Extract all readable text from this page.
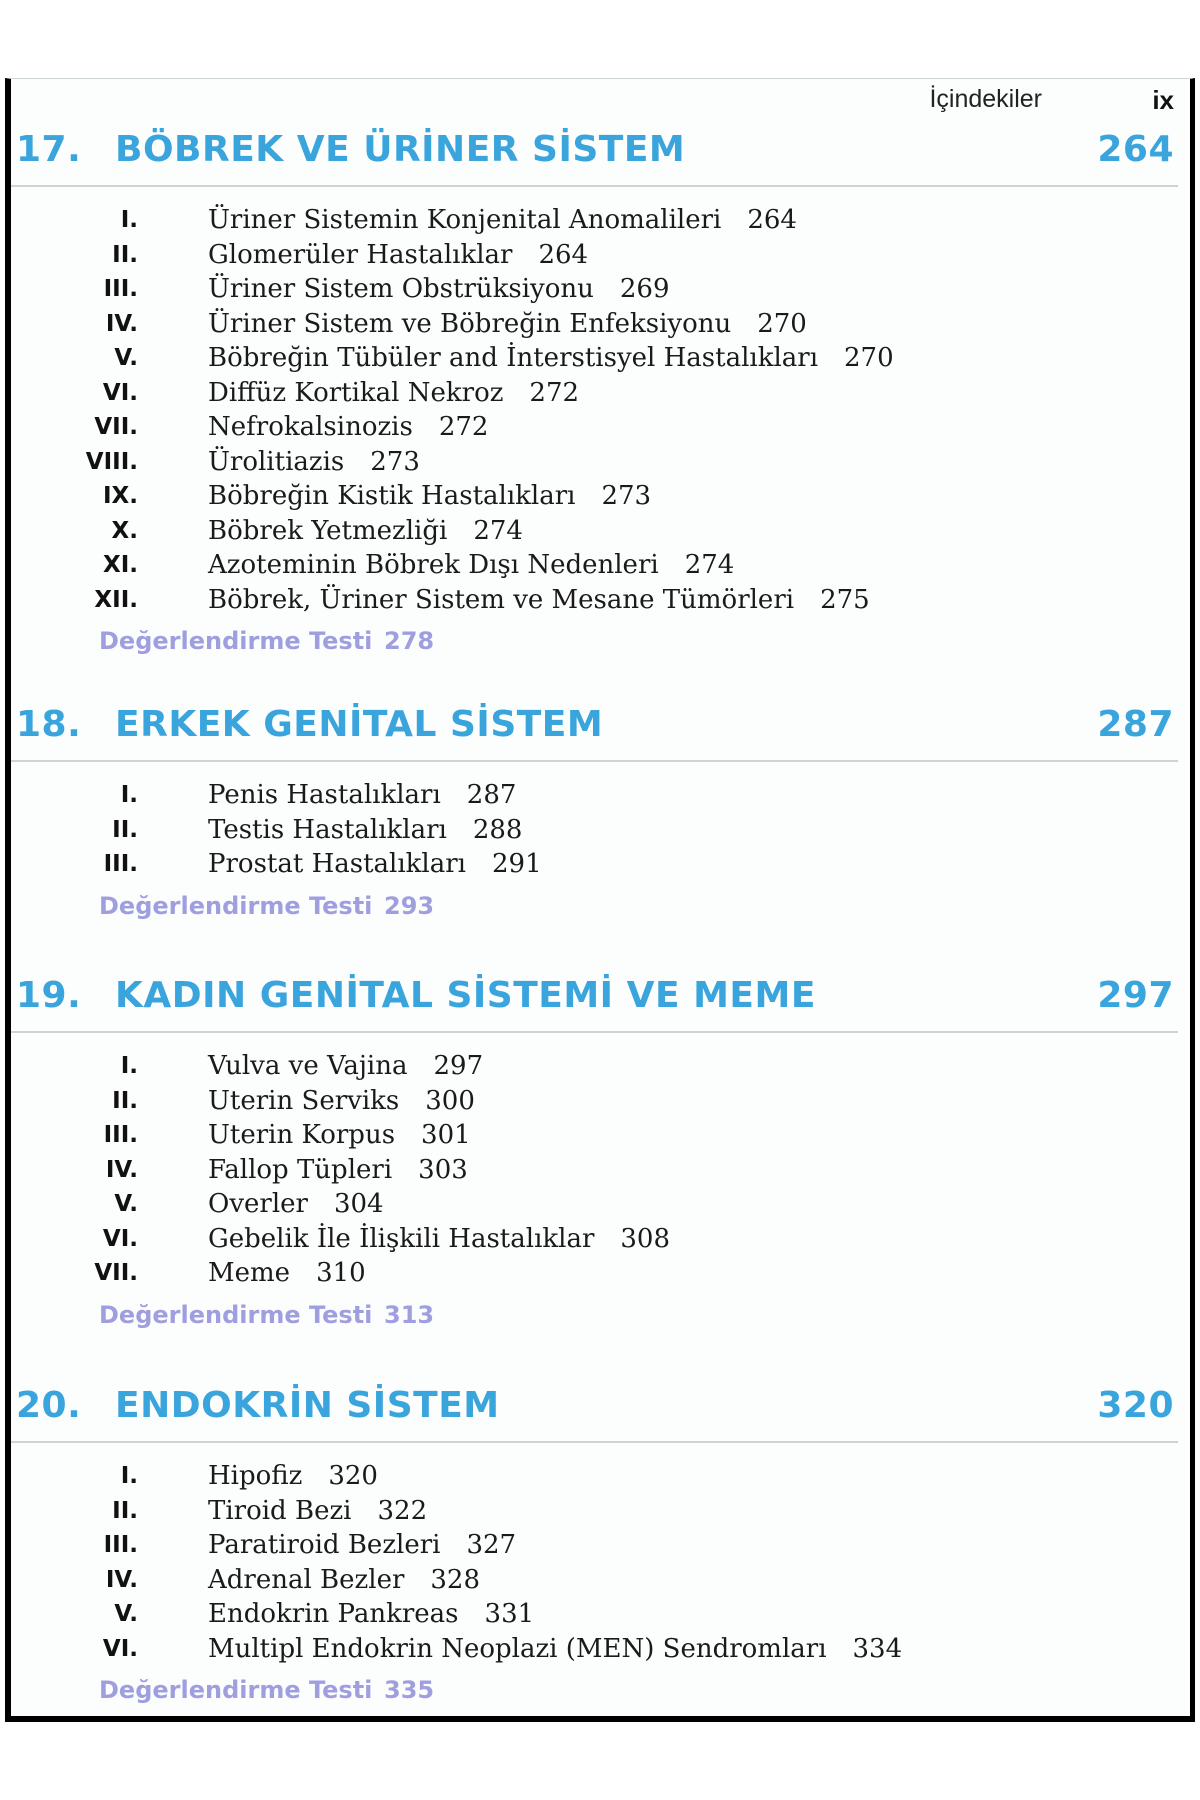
İçindekiler	ix
17. BÖBREK VE ÜRİNER SİSTEM	264
I.	Üriner Sistemin Konjenital Anomalileri 264
II.	Glomerüler Hastalıklar 264
III.	Üriner Sistem Obstrüksiyonu 269
IV.	Üriner Sistem ve Böbreğin Enfeksiyonu 270
V.	Böbreğin Tübüler and İnterstisyel Hastalıkları 270
VI.	Diffüz Kortikal Nekroz 272
VII.	Nefrokalsinozis 272
VIII.	Ürolitiazis 273
IX.	Böbreğin Kistik Hastalıkları 273
X.	Böbrek Yetmezliği 274
XI.	Azoteminin Böbrek Dışı Nedenleri 274
XII.	Böbrek, Üriner Sistem ve Mesane Tümörleri 275
Değerlendirme Testi 278
18. ERKEK GENİTAL SİSTEM	287
I.	Penis Hastalıkları 287
II.	Testis Hastalıkları 288
III.	Prostat Hastalıkları 291
Değerlendirme Testi 293
19. KADIN GENİTAL SİSTEMİ VE MEME	297
I.	Vulva ve Vajina 297
II.	Uterin Serviks 300
III.	Uterin Korpus 301
IV.	Fallop Tüpleri 303
V.	Overler 304
VI.	Gebelik İle İlişkili Hastalıklar 308
VII.	Meme 310
Değerlendirme Testi 313
20. ENDOKRİN SİSTEM	320
I.	Hipofiz 320
II.	Tiroid Bezi 322
III.	Paratiroid Bezleri 327
IV.	Adrenal Bezler 328
V.	Endokrin Pankreas 331
VI.	Multipl Endokrin Neoplazi (MEN) Sendromları 334
Değerlendirme Testi 335
